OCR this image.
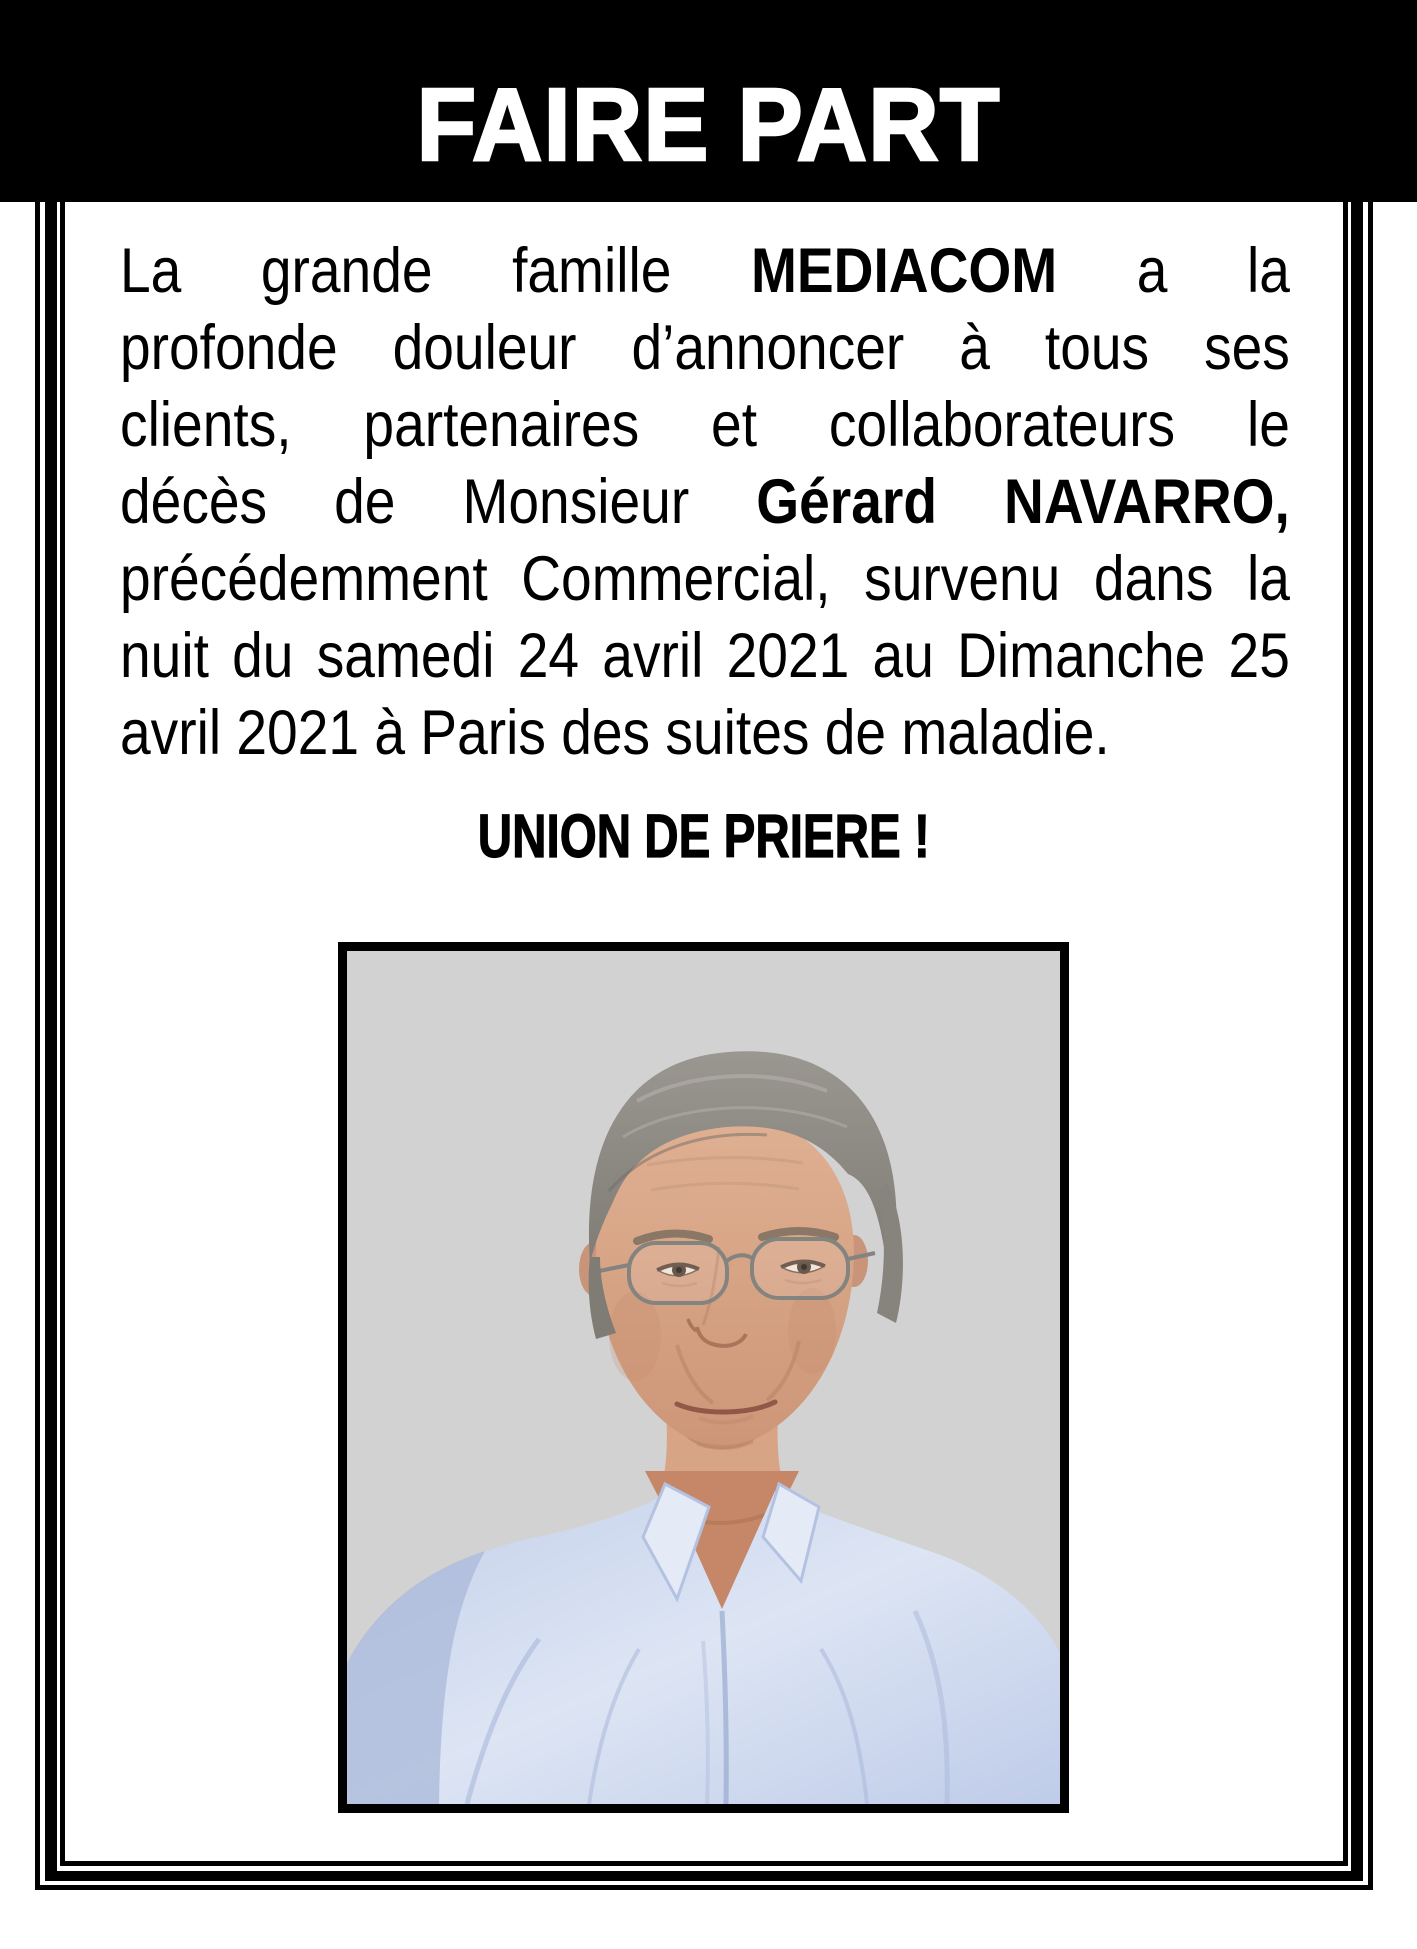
FAIRE PART
La grande famille MEDIACOM a la
profonde douleur d’annoncer à tous ses
clients, partenaires et collaborateurs le
décès de Monsieur Gérard NAVARRO,
précédemment Commercial, survenu dans la
nuit du samedi 24 avril 2021 au Dimanche 25
avril 2021 à Paris des suites de maladie.
UNION DE PRIERE !
